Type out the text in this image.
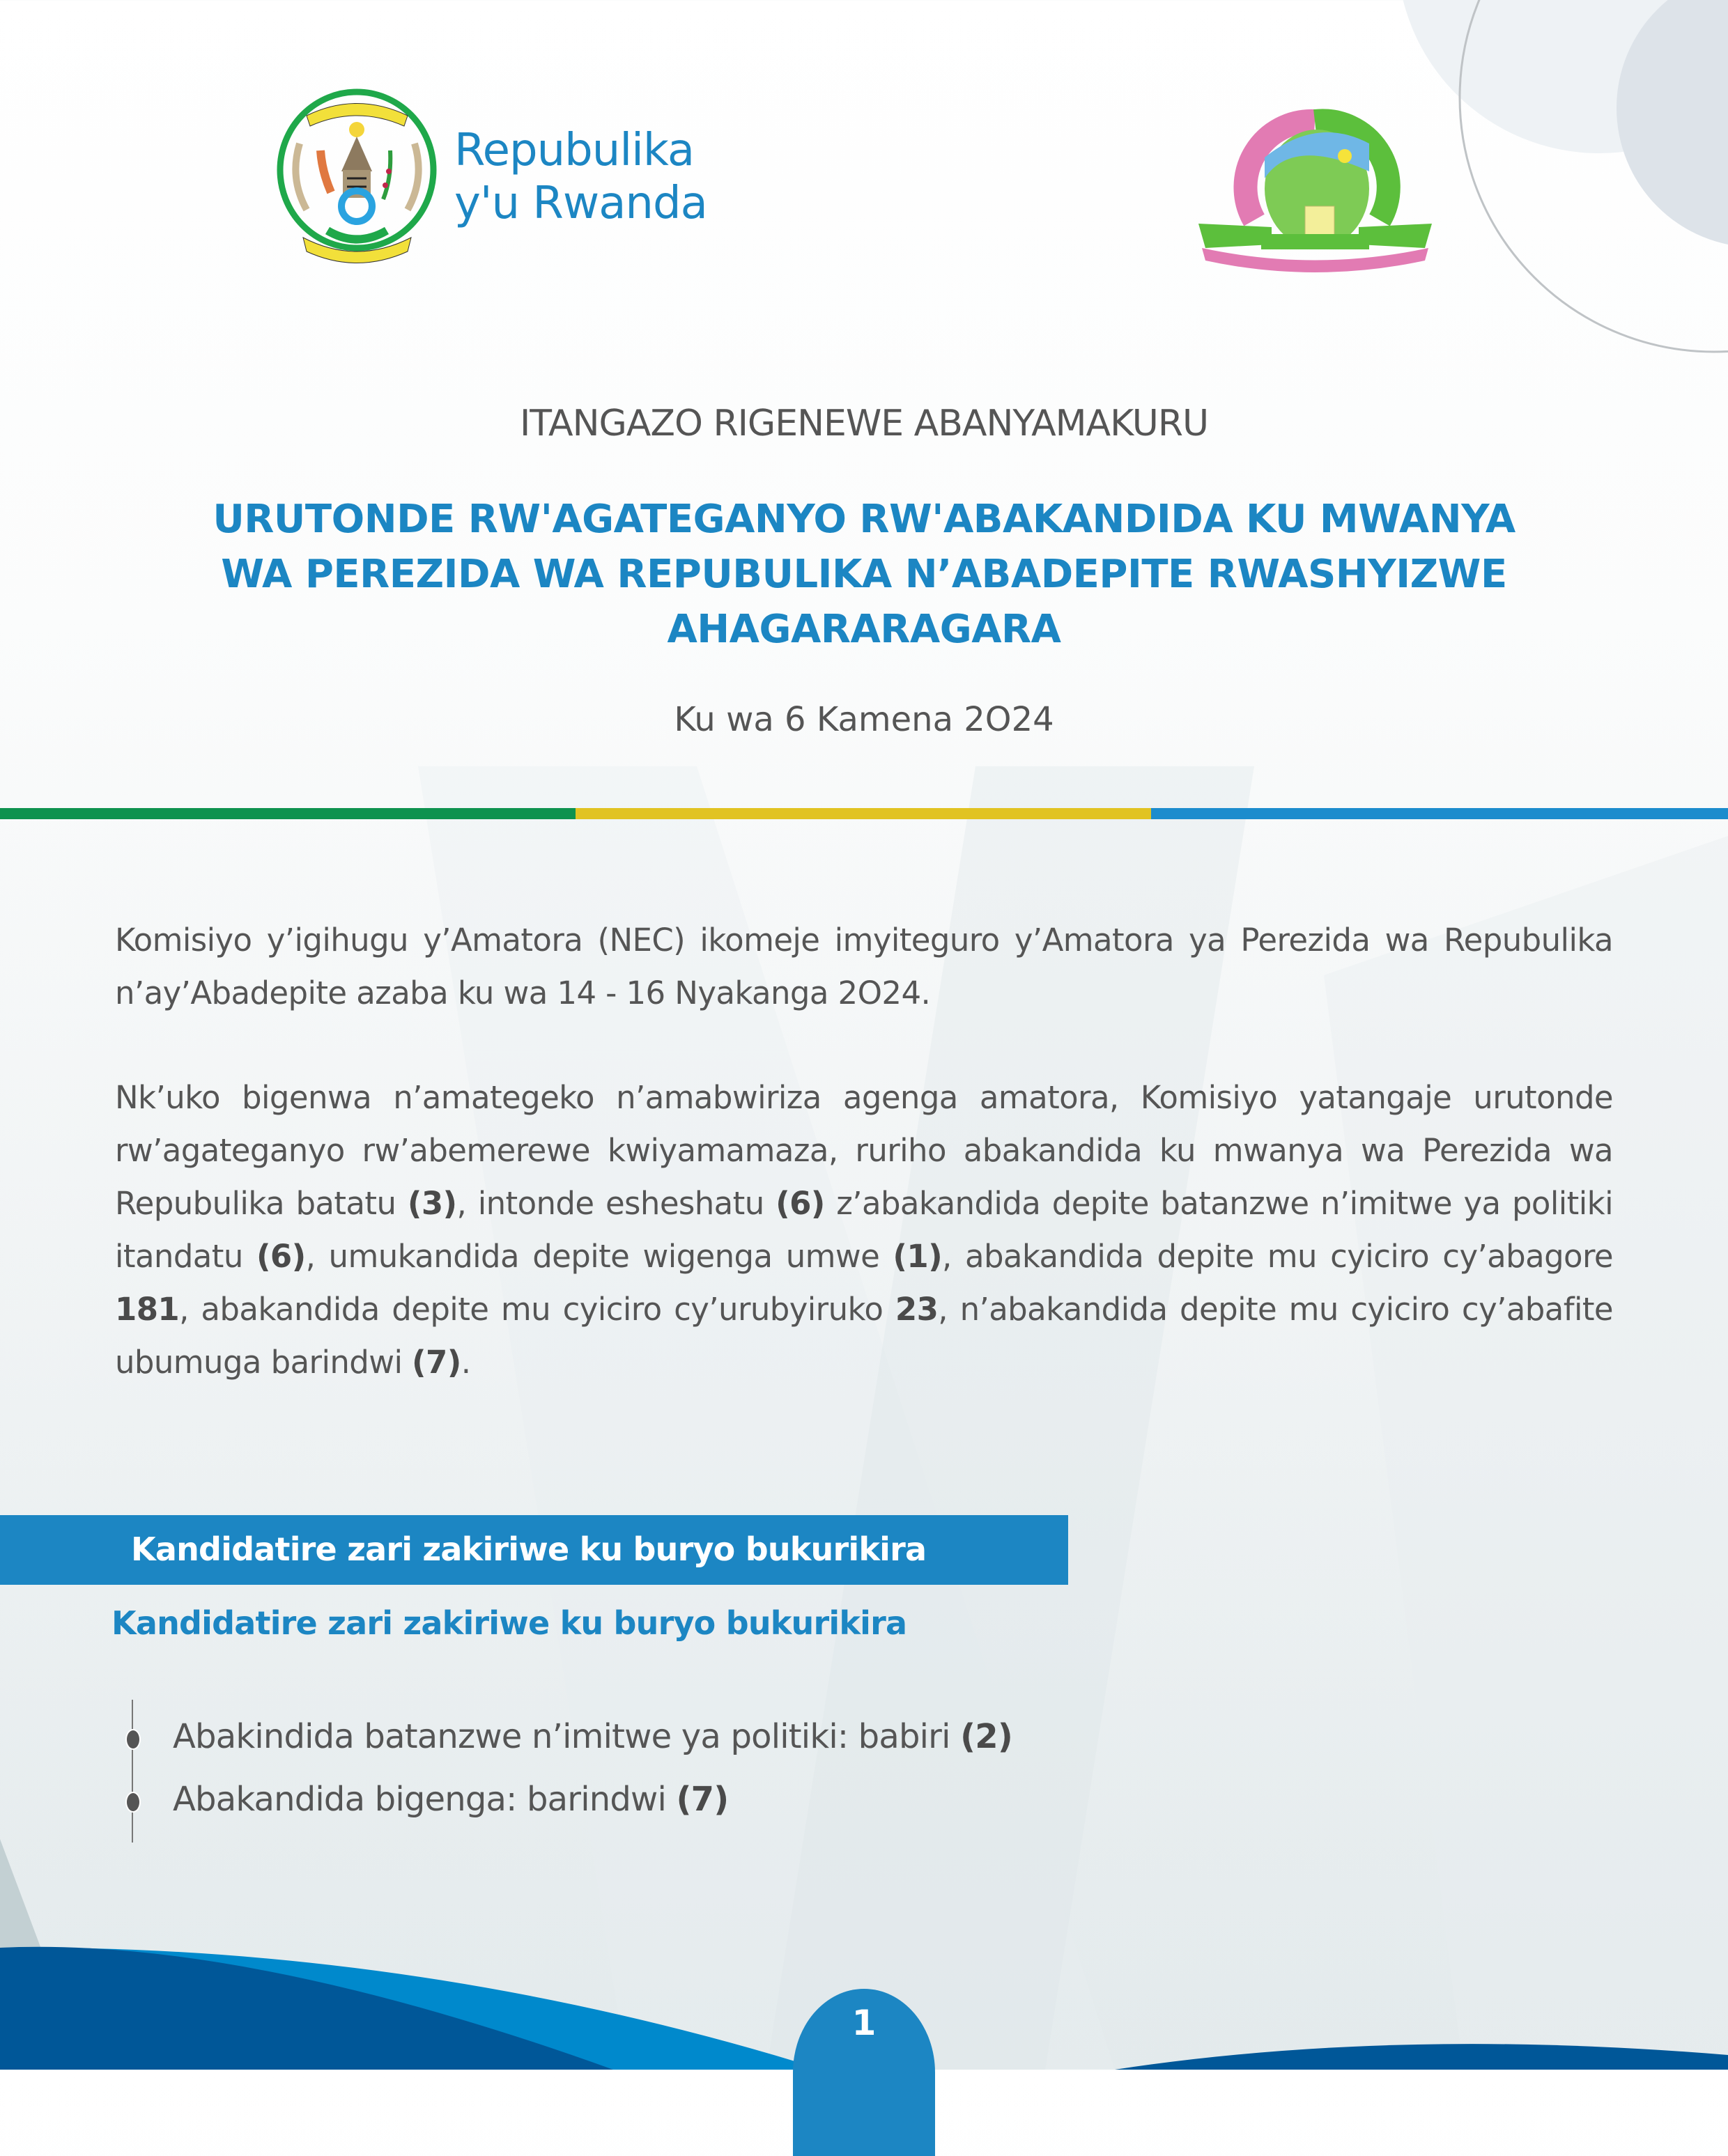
Repubulika
y'u Rwanda
ITANGAZO RIGENEWE ABANYAMAKURU
URUTONDE RW'AGATEGANYO RW'ABAKANDIDA KU MWANYA
WA PEREZIDA WA REPUBULIKA N’ABADEPITE RWASHYIZWE
AHAGARARAGARA
Ku wa 6 Kamena 2O24

Komisiyo y’igihugu y’Amatora (NEC) ikomeje imyiteguro y’Amatora ya Perezida wa Repubulika n’ay’Abadepite azaba ku wa 14 - 16 Nyakanga 2O24.

Nk’uko bigenwa n’amategeko n’amabwiriza agenga amatora, Komisiyo yatangaje urutonde rw’agateganyo rw’abemerewe kwiyamamaza, ruriho abakandida ku mwanya wa Perezida wa Repubulika batatu (3), intonde esheshatu (6) z’abakandida depite batanzwe n’imitwe ya politiki itandatu (6), umukandida depite wigenga umwe (1), abakandida depite mu cyiciro cy’abagore 181, abakandida depite mu cyiciro cy’urubyiruko 23, n’abakandida depite mu cyiciro cy’abafite ubumuga barindwi (7).

Kandidatire zari zakiriwe ku buryo bukurikira
Kandidatire zari zakiriwe ku buryo bukurikira
Abakindida batanzwe n’imitwe ya politiki: babiri (2)
Abakandida bigenga: barindwi (7)
1
